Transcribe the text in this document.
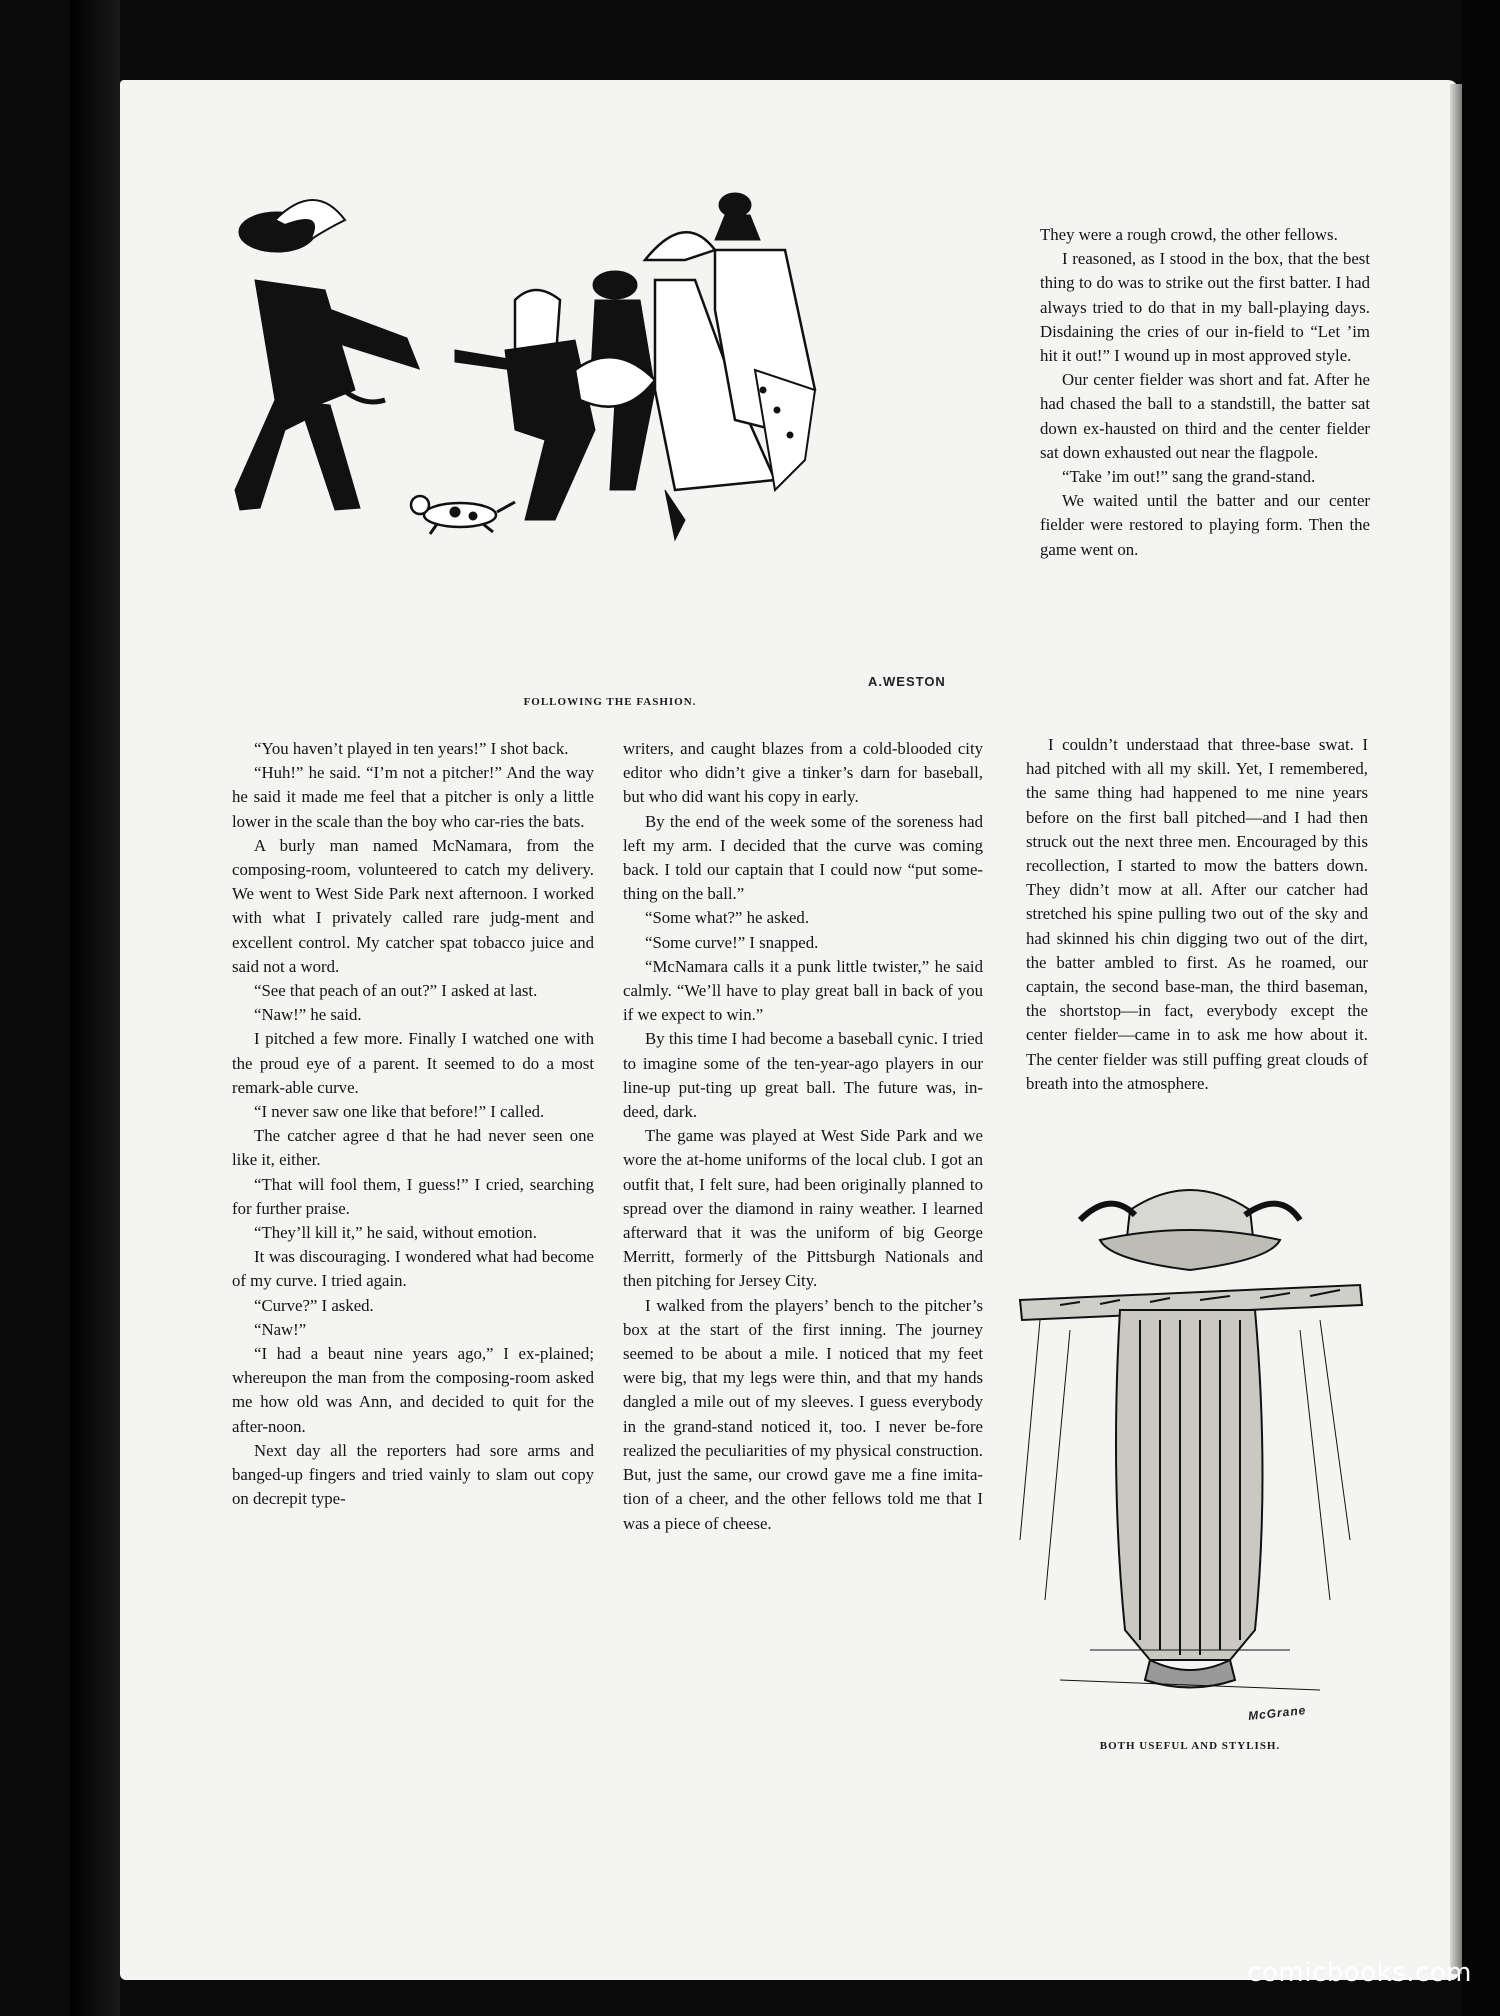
A.WESTON
FOLLOWING THE FASHION.

They were a rough crowd, the other fellows.

I reasoned, as I stood in the box, that the best thing to do was to strike out the first batter. I had always tried to do that in my ball-playing days. Disdaining the cries of our in-field to “Let ’im hit it out!” I wound up in most approved style.

Our center fielder was short and fat. After he had chased the ball to a standstill, the batter sat down ex-hausted on third and the center fielder sat down exhausted out near the flagpole.

“Take ’im out!” sang the grand-stand.

We waited until the batter and our center fielder were restored to playing form. Then the game went on.

“You haven’t played in ten years!” I shot back.

“Huh!” he said. “I’m not a pitcher!” And the way he said it made me feel that a pitcher is only a little lower in the scale than the boy who car-ries the bats.

A burly man named McNamara, from the composing-room, volunteered to catch my delivery. We went to West Side Park next afternoon. I worked with what I privately called rare judg-ment and excellent control. My catcher spat tobacco juice and said not a word.

“See that peach of an out?” I asked at last.

“Naw!” he said.

I pitched a few more. Finally I watched one with the proud eye of a parent. It seemed to do a most remark-able curve.

“I never saw one like that before!” I called.

The catcher agree d that he had never seen one like it, either.

“That will fool them, I guess!” I cried, searching for further praise.

“They’ll kill it,” he said, without emotion.

It was discouraging. I wondered what had become of my curve. I tried again.

“Curve?” I asked.

“Naw!”

“I had a beaut nine years ago,” I ex-plained; whereupon the man from the composing-room asked me how old was Ann, and decided to quit for the after-noon.

Next day all the reporters had sore arms and banged-up fingers and tried vainly to slam out copy on decrepit type-

writers, and caught blazes from a cold-blooded city editor who didn’t give a tinker’s darn for baseball, but who did want his copy in early.

By the end of the week some of the soreness had left my arm. I decided that the curve was coming back. I told our captain that I could now “put some-thing on the ball.”

“Some what?” he asked.

“Some curve!” I snapped.

“McNamara calls it a punk little twister,” he said calmly. “We’ll have to play great ball in back of you if we expect to win.”

By this time I had become a baseball cynic. I tried to imagine some of the ten-year-ago players in our line-up put-ting up great ball. The future was, in-deed, dark.

The game was played at West Side Park and we wore the at-home uniforms of the local club. I got an outfit that, I felt sure, had been originally planned to spread over the diamond in rainy weather. I learned afterward that it was the uniform of big George Merritt, formerly of the Pittsburgh Nationals and then pitching for Jersey City.

I walked from the players’ bench to the pitcher’s box at the start of the first inning. The journey seemed to be about a mile. I noticed that my feet were big, that my legs were thin, and that my hands dangled a mile out of my sleeves. I guess everybody in the grand-stand noticed it, too. I never be-fore realized the peculiarities of my physical construction. But, just the same, our crowd gave me a fine imita-tion of a cheer, and the other fellows told me that I was a piece of cheese.

I couldn’t understaad that three-base swat. I had pitched with all my skill. Yet, I remembered, the same thing had happened to me nine years before on the first ball pitched—and I had then struck out the next three men. Encouraged by this recollection, I started to mow the batters down. They didn’t mow at all. After our catcher had stretched his spine pulling two out of the sky and had skinned his chin digging two out of the dirt, the batter ambled to first. As he roamed, our captain, the second base-man, the third baseman, the shortstop—in fact, everybody except the center fielder—came in to ask me how about it. The center fielder was still puffing great clouds of breath into the atmosphere.

McGrane
BOTH USEFUL AND STYLISH.
comicbooks.com
